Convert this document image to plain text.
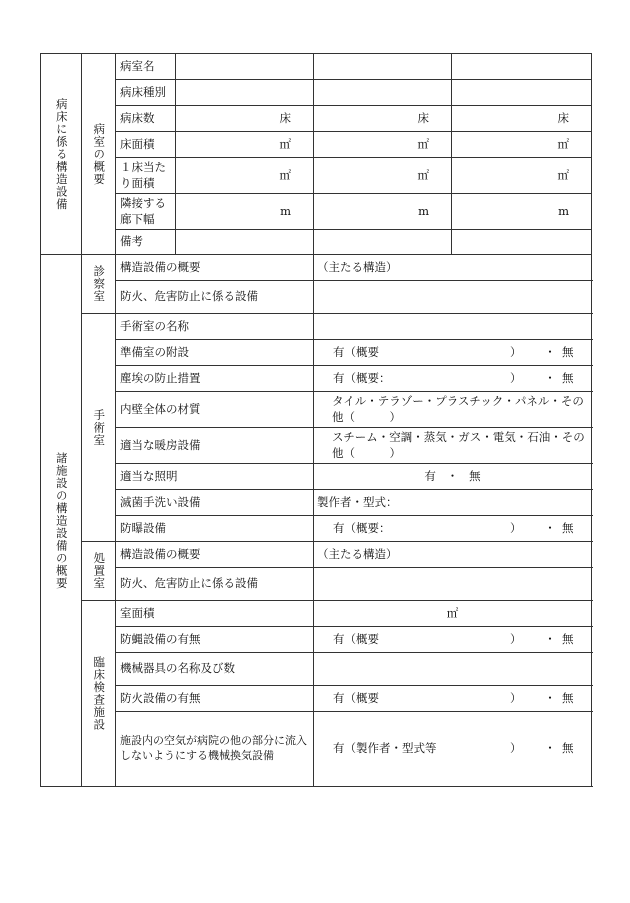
病床に係る構造設備	病室の概要	病室名			
		病床種別			
		病床数	床	床	床
		床面積	㎡	㎡	㎡
		１床当たり面積	㎡	㎡	㎡
		隣接する廊下幅	m	m	m
		備考			
諸施設の構造設備の概要	診察室	構造設備の概要		（主たる構造）	
		防火、危害防止に係る設備			
	手術室	手術室の名称			
		準備室の附設		有（概要 ） ・ 無	

		塵埃の防止措置		有（概要： ） ・ 無	

		内壁全体の材質		タイル・テラゾー・プラスチック・パネル・その他（　　　）	
		適当な暖房設備		スチーム・空調・蒸気・ガス・電気・石油・その他（　　　）	
		適当な照明		有 ・ 無	
		滅菌手洗い設備		製作者・型式：	
		防曝設備		有（概要： ） ・ 無	

	処置室	構造設備の概要		（主たる構造）	
		防火、危害防止に係る設備			
	臨床検査施設	室面積		㎡	
		防蝿設備の有無		有（概要 ） ・ 無	

		機械器具の名称及び数			
		防火設備の有無		有（概要 ） ・ 無	

		施設内の空気が病院の他の部分に流入しないようにする機械換気設備		有（製作者・型式等 ） ・ 無	
